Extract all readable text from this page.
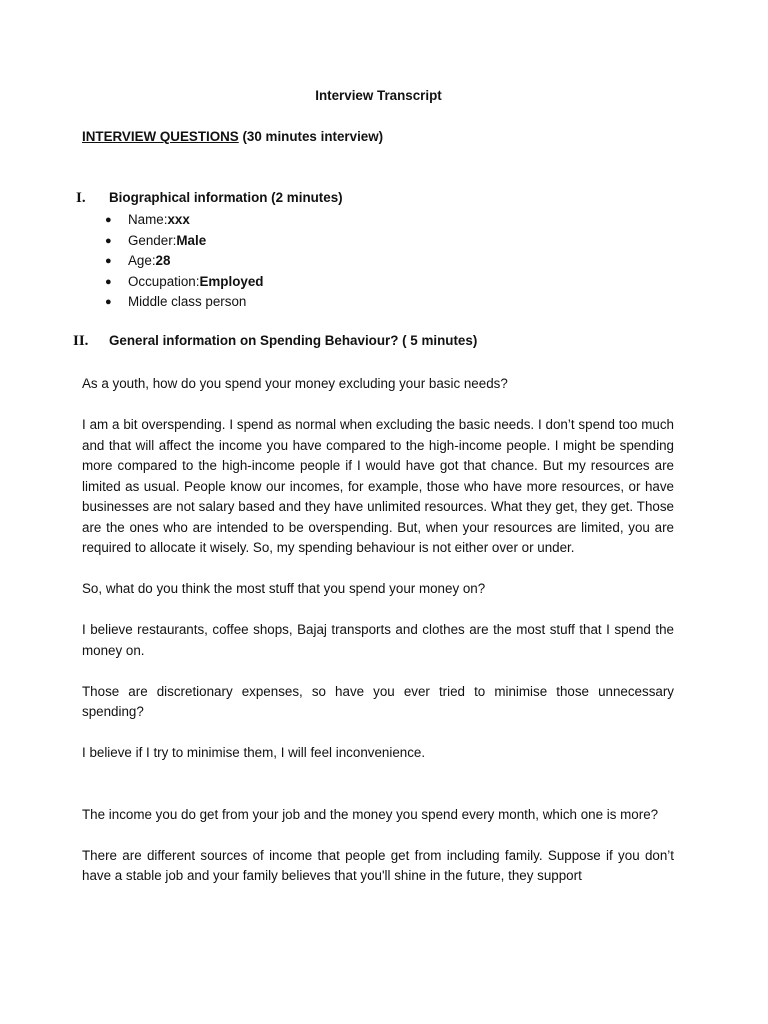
Interview Transcript
INTERVIEW QUESTIONS (30 minutes interview)
I.	Biographical information (2 minutes)
●	Name: xxx
●	Gender: Male
●	Age: 28
●	Occupation: Employed
●	Middle class person
II.	General information on Spending Behaviour? ( 5 minutes)

As a youth, how do you spend your money excluding your basic needs?

I am a bit overspending. I spend as normal when excluding the basic needs. I don’t spend too much and that will affect the income you have compared to the high-income people. I might be spending more compared to the high-income people if I would have got that chance. But my resources are limited as usual. People know our incomes, for example, those who have more resources, or have businesses are not salary based and they have unlimited resources. What they get, they get. Those are the ones who are intended to be overspending. But, when your resources are limited, you are required to allocate it wisely. So, my spending behaviour is not either over or under.

So, what do you think the most stuff that you spend your money on?

I believe restaurants, coffee shops, Bajaj transports and clothes are the most stuff that I spend the money on.

Those are discretionary expenses, so have you ever tried to minimise those unnecessary spending?

I believe if I try to minimise them, I will feel inconvenience.

The income you do get from your job and the money you spend every month, which one is more?

There are different sources of income that people get from including family. Suppose if you don’t have a stable job and your family believes that you'll shine in the future, they support
